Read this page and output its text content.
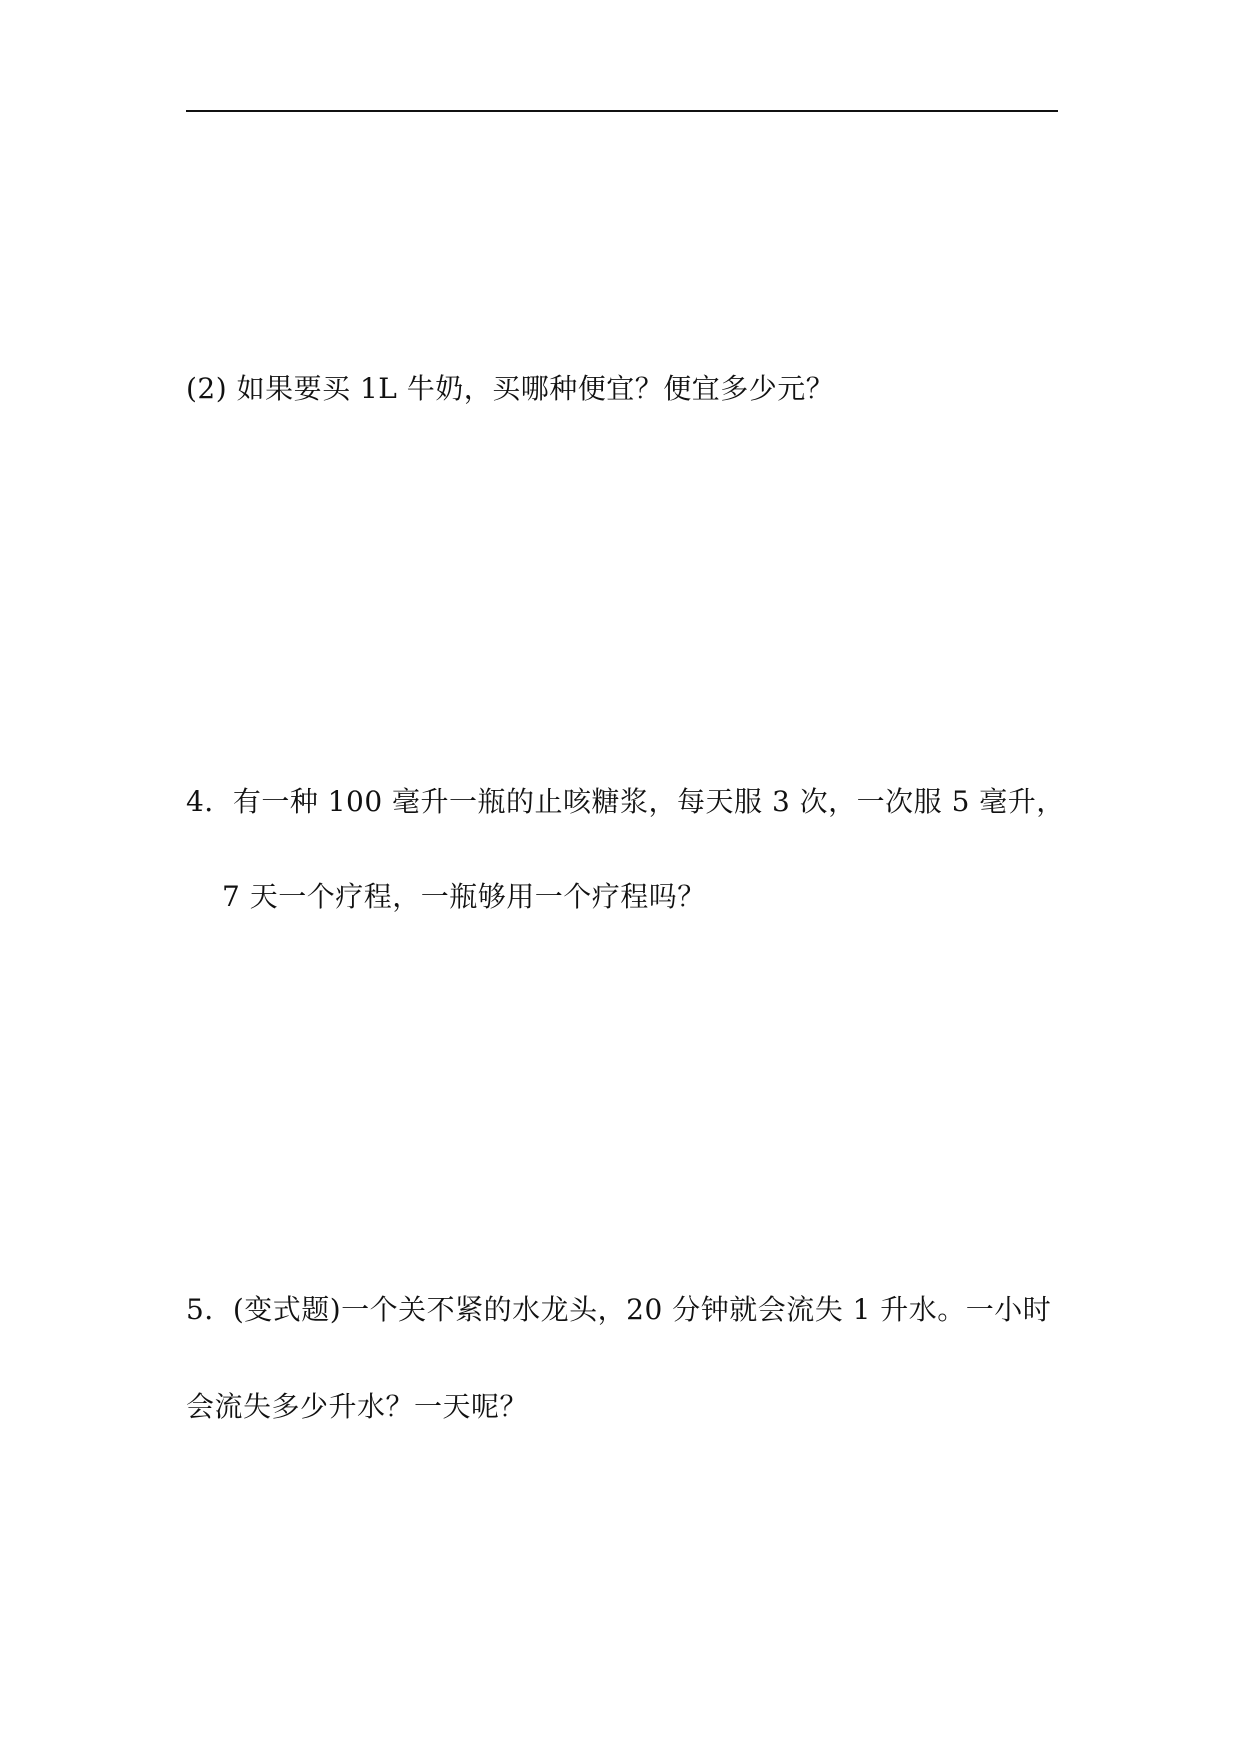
(2) 如果要买 1L 牛奶，买哪种便宜？便宜多少元？
4．有一种 100 毫升一瓶的止咳糖浆，每天服 3 次，一次服 5 毫升，
7 天一个疗程，一瓶够用一个疗程吗？
5．(变式题)一个关不紧的水龙头，20 分钟就会流失 1 升水。一小时
会流失多少升水？一天呢？
